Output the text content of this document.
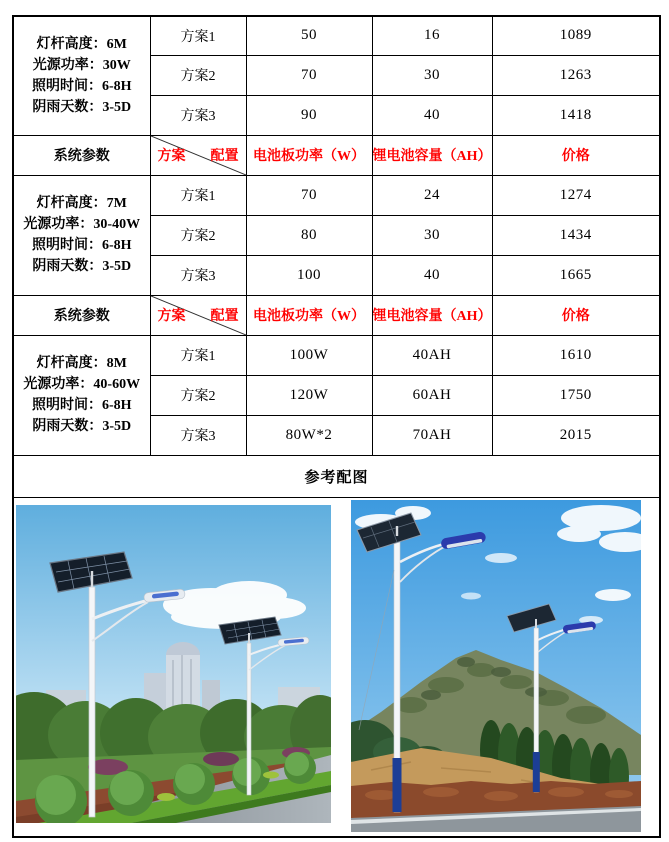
灯杆高度：6M
光源功率：30W
照明时间：6-8H
阴雨天数：3-5D	方案1	50	16	1089
	方案2	70	30	1263
	方案3	90	40	1418
系统参数	方案 配置	电池板功率（W）	锂电池容量（AH）	价格

灯杆高度：7M
光源功率：30-40W
照明时间：6-8H
阴雨天数：3-5D	方案1	70	24	1274
	方案2	80	30	1434
	方案3	100	40	1665
系统参数	方案 配置	电池板功率（W）	锂电池容量（AH）	价格

灯杆高度：8M
光源功率：40-60W
照明时间：6-8H
阴雨天数：3-5D	方案1	100W	40AH	1610
	方案2	120W	60AH	1750
	方案3	80W*2	70AH	2015
参考配图				
